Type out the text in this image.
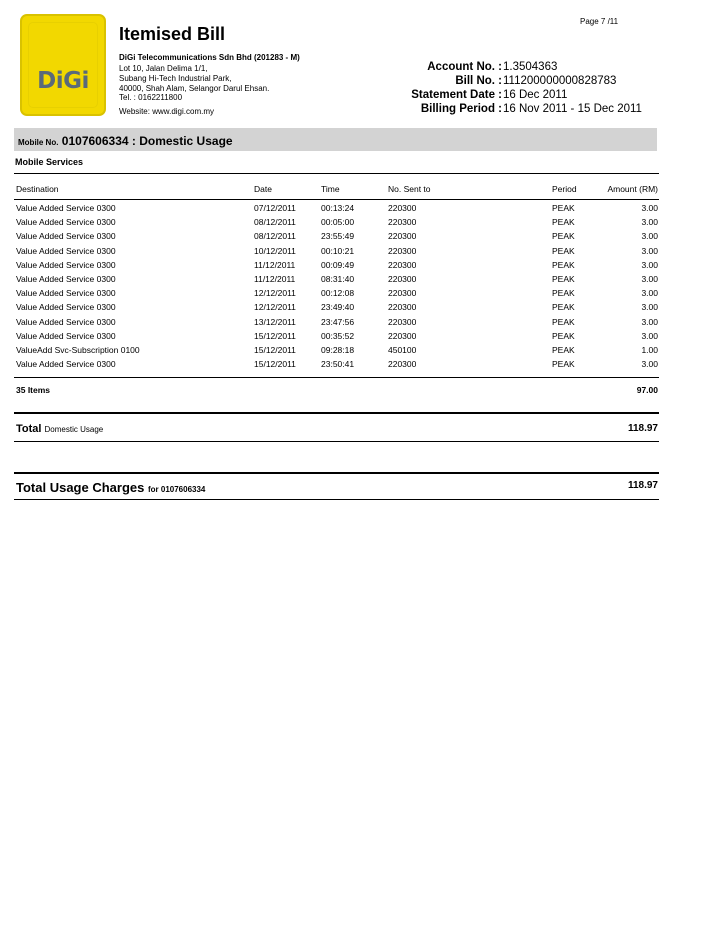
DiGi
Itemised Bill
Page 7 /11
DiGi Telecommunications Sdn Bhd (201283 - M)
Lot 10, Jalan Delima 1/1,
Subang Hi-Tech Industrial Park,
40000, Shah Alam, Selangor Darul Ehsan.
Tel. : 0162211800
Website: www.digi.com.my
Account No. : 1.3504363
Bill No. : 111200000000828783
Statement Date : 16 Dec 2011
Billing Period : 16 Nov 2011 - 15 Dec 2011
Mobile No. 0107606334 : Domestic Usage
Mobile Services
Destination	Date	Time	No. Sent to	Period	Amount (RM)
Value Added Service 0300	07/12/2011	00:13:24	220300	PEAK	3.00
Value Added Service 0300	08/12/2011	00:05:00	220300	PEAK	3.00
Value Added Service 0300	08/12/2011	23:55:49	220300	PEAK	3.00
Value Added Service 0300	10/12/2011	00:10:21	220300	PEAK	3.00
Value Added Service 0300	11/12/2011	00:09:49	220300	PEAK	3.00
Value Added Service 0300	11/12/2011	08:31:40	220300	PEAK	3.00
Value Added Service 0300	12/12/2011	00:12:08	220300	PEAK	3.00
Value Added Service 0300	12/12/2011	23:49:40	220300	PEAK	3.00
Value Added Service 0300	13/12/2011	23:47:56	220300	PEAK	3.00
Value Added Service 0300	15/12/2011	00:35:52	220300	PEAK	3.00
ValueAdd Svc-Subscription 0100	15/12/2011	09:28:18	450100	PEAK	1.00
Value Added Service 0300	15/12/2011	23:50:41	220300	PEAK	3.00
35 Items	97.00
Total Domestic Usage	118.97
Total Usage Charges for 0107606334	118.97
